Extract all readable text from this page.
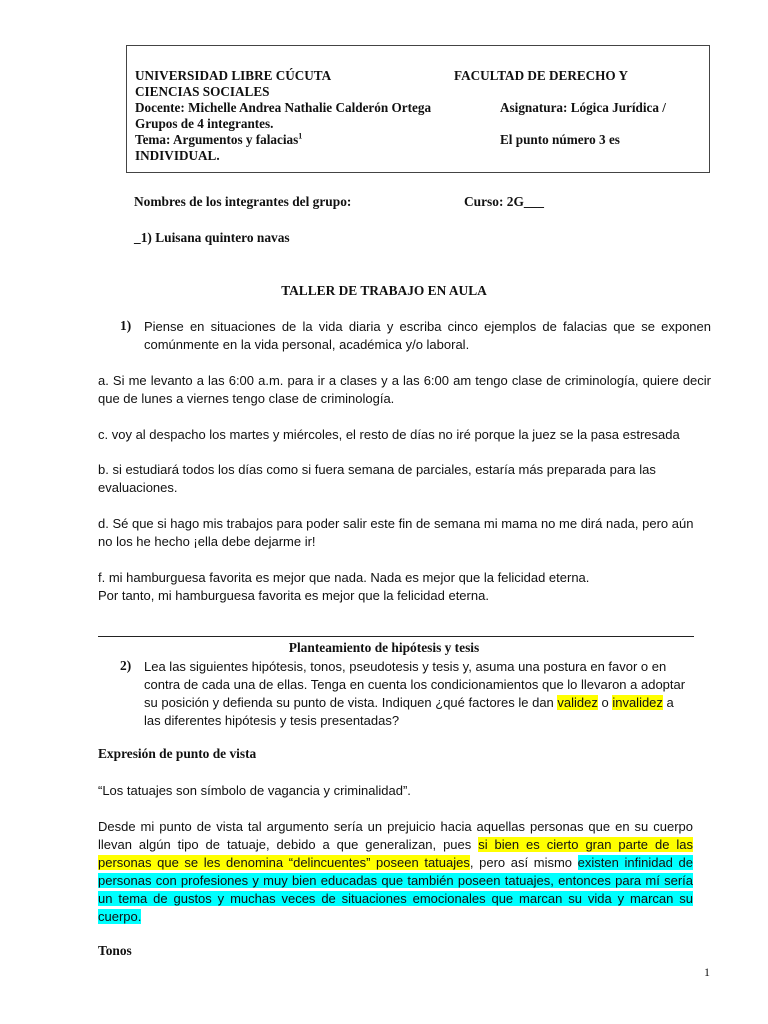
UNIVERSIDAD LIBRE CÚCUTA	FACULTAD DE DERECHO Y
CIENCIAS SOCIALES
Docente: Michelle Andrea Nathalie Calderón Ortega	Asignatura: Lógica Jurídica /
Grupos de 4 integrantes.
Tema: Argumentos y falacias$^1$	El punto número 3 es
INDIVIDUAL.
Nombres de los integrantes del grupo:	Curso: 2G___
_1) Luisana quintero navas
TALLER DE TRABAJO EN AULA
1) Piense en situaciones de la vida diaria y escriba cinco ejemplos de falacias que se exponen comúnmente en la vida personal, académica y/o laboral.
a. Si me levanto a las 6:00 a.m. para ir a clases y a las 6:00 am tengo clase de criminología, quiere decir que de lunes a viernes tengo clase de criminología.
c. voy al despacho los martes y miércoles, el resto de días no iré porque la juez se la pasa estresada
b. si estudiará todos los días como si fuera semana de parciales, estaría más preparada para las evaluaciones.
d. Sé que si hago mis trabajos para poder salir este fin de semana mi mama no me dirá nada, pero aún no los he hecho ¡ella debe dejarme ir!
f. mi hamburguesa favorita es mejor que nada. Nada es mejor que la felicidad eterna.
Por tanto, mi hamburguesa favorita es mejor que la felicidad eterna.
Planteamiento de hipótesis y tesis
2) Lea las siguientes hipótesis, tonos, pseudotesis y tesis y, asuma una postura en favor o en contra de cada una de ellas. Tenga en cuenta los condicionamientos que lo llevaron a adoptar su posición y defienda su punto de vista. Indiquen ¿qué factores le dan validez o invalidez a las diferentes hipótesis y tesis presentadas?
Expresión de punto de vista
“Los tatuajes son símbolo de vagancia y criminalidad”.
Desde mi punto de vista tal argumento sería un prejuicio hacia aquellas personas que en su cuerpo llevan algún tipo de tatuaje, debido a que generalizan, pues si bien es cierto gran parte de las personas que se les denomina “delincuentes” poseen tatuajes, pero así mismo existen infinidad de personas con profesiones y muy bien educadas que también poseen tatuajes, entonces para mí sería un tema de gustos y muchas veces de situaciones emocionales que marcan su vida y marcan su cuerpo.
Tonos
1
